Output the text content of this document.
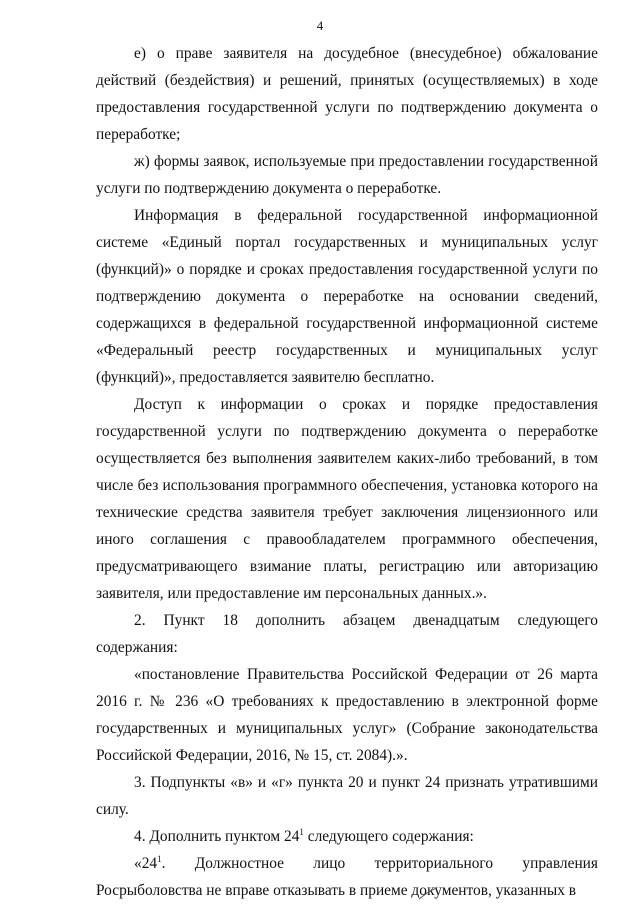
4

е) о праве заявителя на досудебное (внесудебное) обжалование действий (бездействия) и решений, принятых (осуществляемых) в ходе предоставления государственной услуги по подтверждению документа о переработке;

ж) формы заявок, используемые при предоставлении государственной услуги по подтверждению документа о переработке.

Информация в федеральной государственной информационной системе «Единый портал государственных и муниципальных услуг (функций)» о порядке и сроках предоставления государственной услуги по подтверждению документа о переработке на основании сведений, содержащихся в федеральной государственной информационной системе «Федеральный реестр государственных и муниципальных услуг (функций)», предоставляется заявителю бесплатно.

Доступ к информации о сроках и порядке предоставления государственной услуги по подтверждению документа о переработке осуществляется без выполнения заявителем каких-либо требований, в том числе без использования программного обеспечения, установка которого на технические средства заявителя требует заключения лицензионного или иного соглашения с правообладателем программного обеспечения, предусматривающего взимание платы, регистрацию или авторизацию заявителя, или предоставление им персональных данных.».

2. Пункт 18 дополнить абзацем двенадцатым следующего содержания:

«постановление Правительства Российской Федерации от 26 марта 2016 г. № 236 «О требованиях к предоставлению в электронной форме государственных и муниципальных услуг» (Собрание законодательства Российской Федерации, 2016, № 15, ст. 2084).».

3. Подпункты «в» и «г» пункта 20 и пункт 24 признать утратившими силу.

4. Дополнить пунктом $24^1$ следующего содержания:

«$24^1$. Должностное лицо территориального управления Росрыболовства не вправе отказывать в приеме документов, указанных в
